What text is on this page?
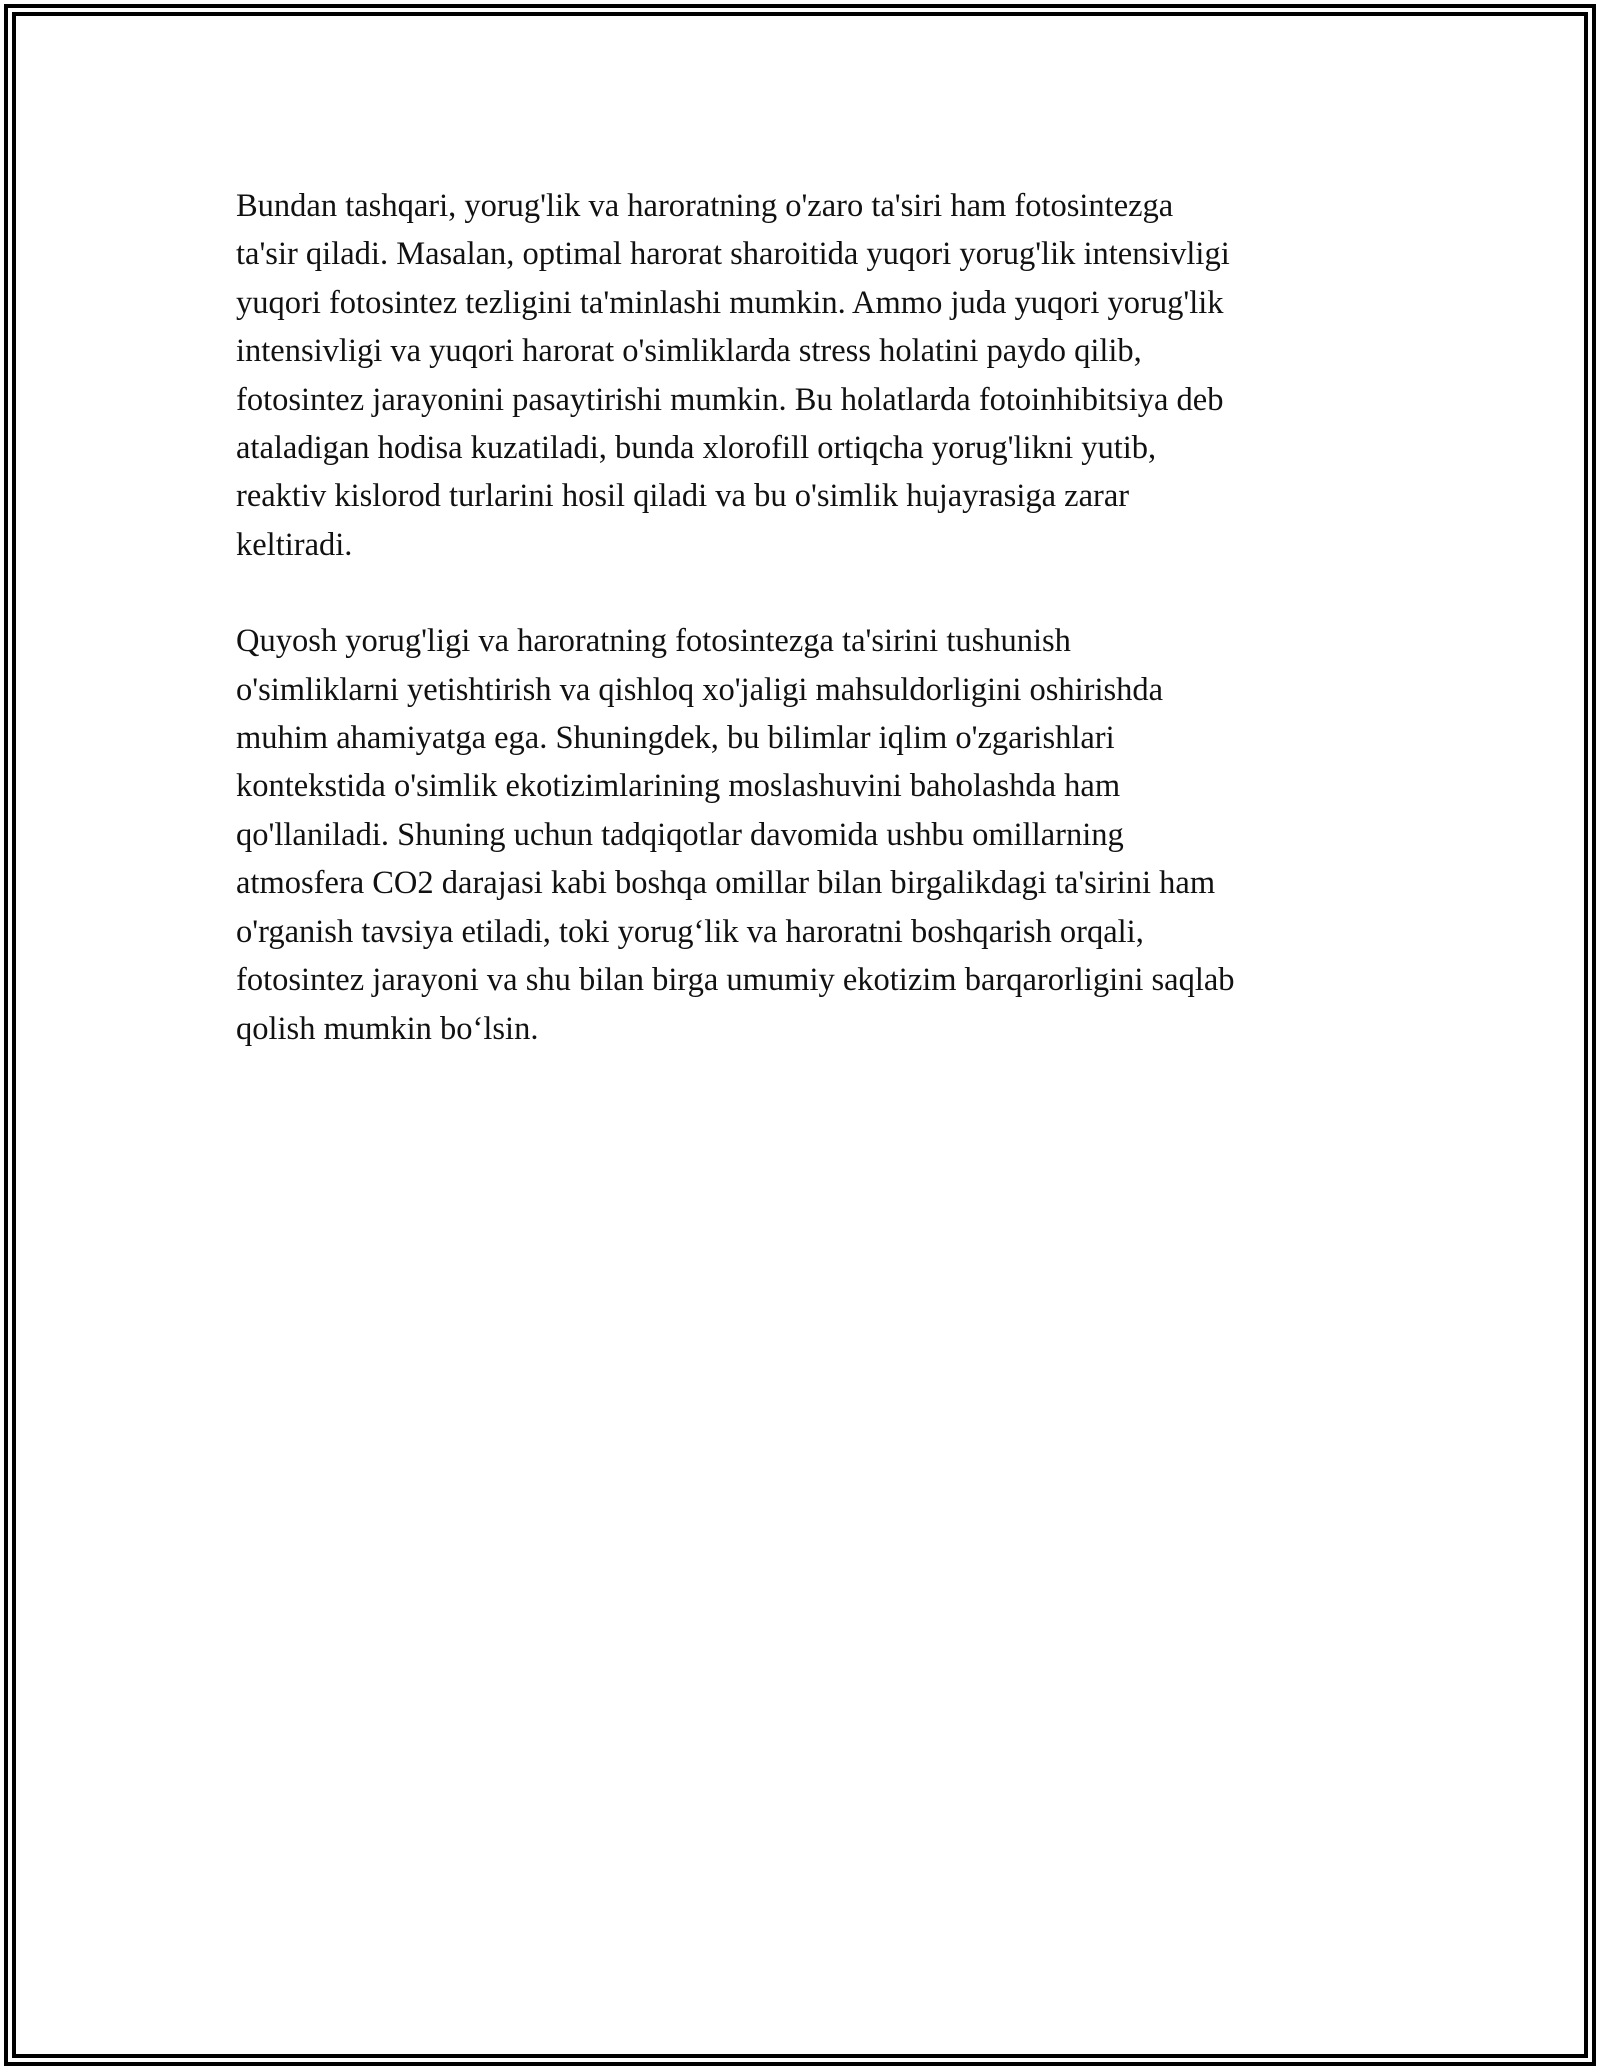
Bundan tashqari, yorug'lik va haroratning o'zaro ta'siri ham fotosintezga
ta'sir qiladi. Masalan, optimal harorat sharoitida yuqori yorug'lik intensivligi
yuqori fotosintez tezligini ta'minlashi mumkin. Ammo juda yuqori yorug'lik
intensivligi va yuqori harorat o'simliklarda stress holatini paydo qilib,
fotosintez jarayonini pasaytirishi mumkin. Bu holatlarda fotoinhibitsiya deb
ataladigan hodisa kuzatiladi, bunda xlorofill ortiqcha yorug'likni yutib,
reaktiv kislorod turlarini hosil qiladi va bu o'simlik hujayrasiga zarar
keltiradi.

Quyosh yorug'ligi va haroratning fotosintezga ta'sirini tushunish
o'simliklarni yetishtirish va qishloq xo'jaligi mahsuldorligini oshirishda
muhim ahamiyatga ega. Shuningdek, bu bilimlar iqlim o'zgarishlari
kontekstida o'simlik ekotizimlarining moslashuvini baholashda ham
qo'llaniladi. Shuning uchun tadqiqotlar davomida ushbu omillarning
atmosfera CO2 darajasi kabi boshqa omillar bilan birgalikdagi ta'sirini ham
o'rganish tavsiya etiladi, toki yorug‘lik va haroratni boshqarish orqali,
fotosintez jarayoni va shu bilan birga umumiy ekotizim barqarorligini saqlab
qolish mumkin bo‘lsin.
